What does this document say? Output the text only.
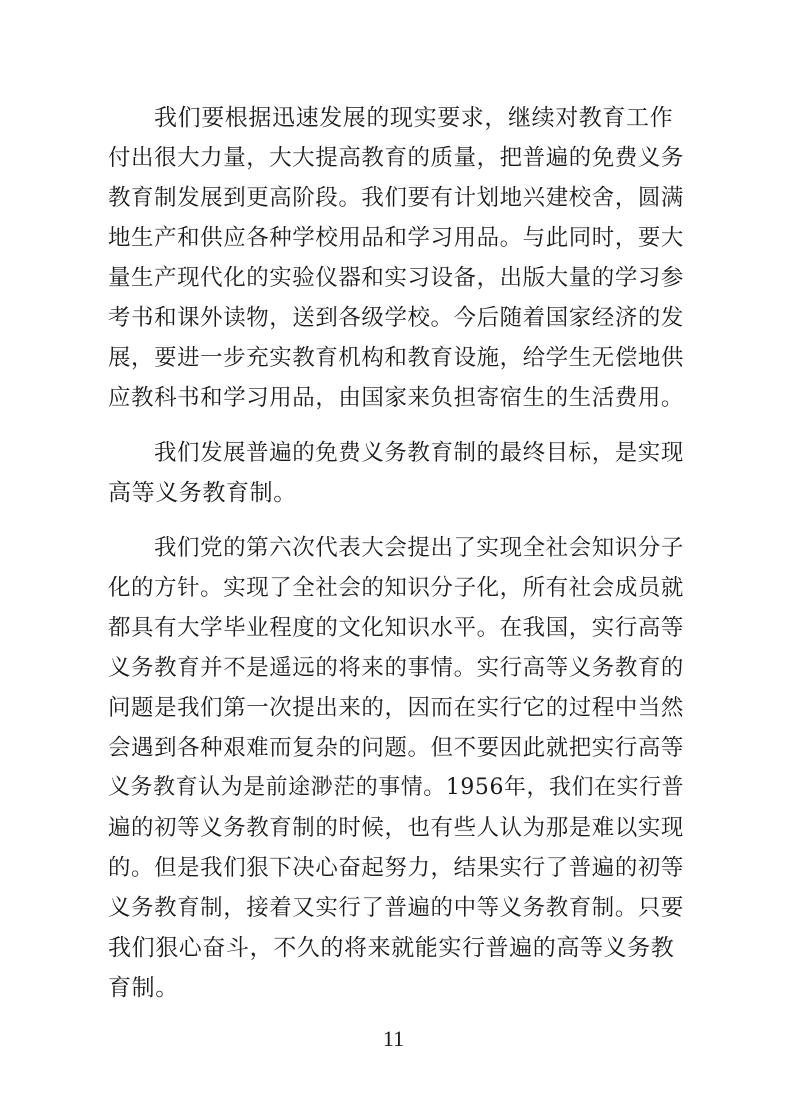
我们要根据迅速发展的现实要求，继续对教育工作
付出很大力量，大大提高教育的质量，把普遍的免费义务
教育制发展到更高阶段。我们要有计划地兴建校舍，圆满
地生产和供应各种学校用品和学习用品。与此同时，要大
量生产现代化的实验仪器和实习设备，出版大量的学习参
考书和课外读物，送到各级学校。今后随着国家经济的发
展，要进一步充实教育机构和教育设施，给学生无偿地供
应教科书和学习用品，由国家来负担寄宿生的生活费用。
我们发展普遍的免费义务教育制的最终目标，是实现
高等义务教育制。
我们党的第六次代表大会提出了实现全社会知识分子
化的方针。实现了全社会的知识分子化，所有社会成员就
都具有大学毕业程度的文化知识水平。在我国，实行高等
义务教育并不是遥远的将来的事情。实行高等义务教育的
问题是我们第一次提出来的，因而在实行它的过程中当然
会遇到各种艰难而复杂的问题。但不要因此就把实行高等
义务教育认为是前途渺茫的事情。1956年，我们在实行普
遍的初等义务教育制的时候，也有些人认为那是难以实现
的。但是我们狠下决心奋起努力，结果实行了普遍的初等
义务教育制，接着又实行了普遍的中等义务教育制。只要
我们狠心奋斗，不久的将来就能实行普遍的高等义务教
育制。
11
